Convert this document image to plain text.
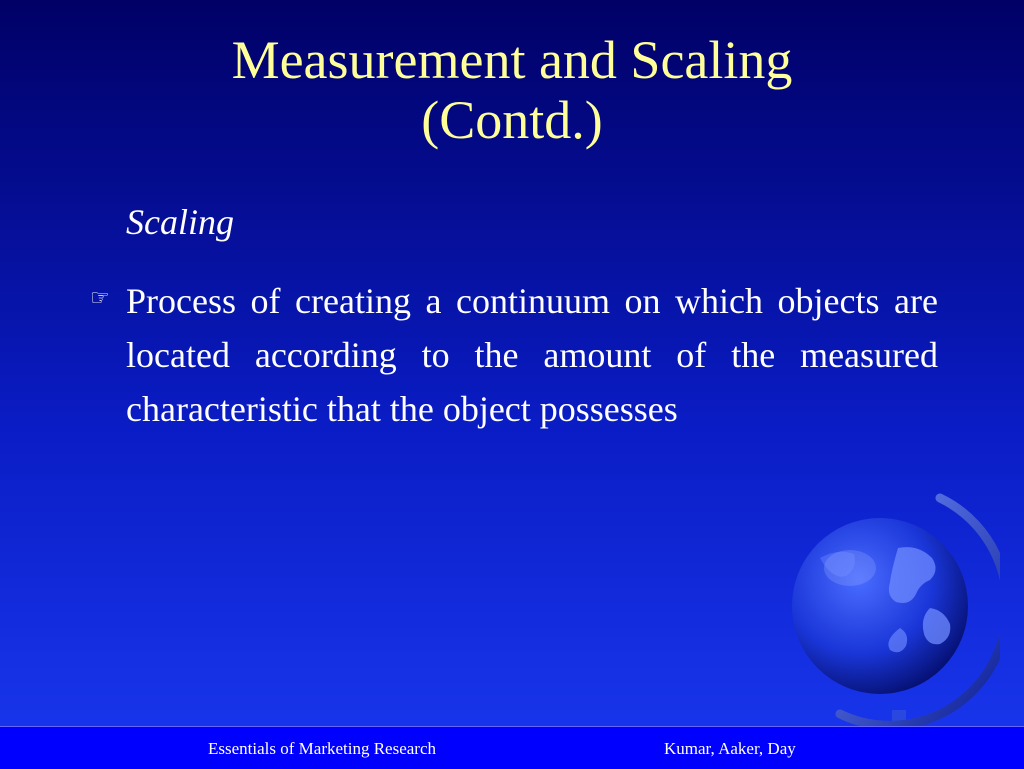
Measurement and Scaling
(Contd.)
Scaling
☞ Process of creating a continuum on which objects are located according to the amount of the measured characteristic that the object possesses
Essentials of Marketing Research	Kumar, Aaker, Day
